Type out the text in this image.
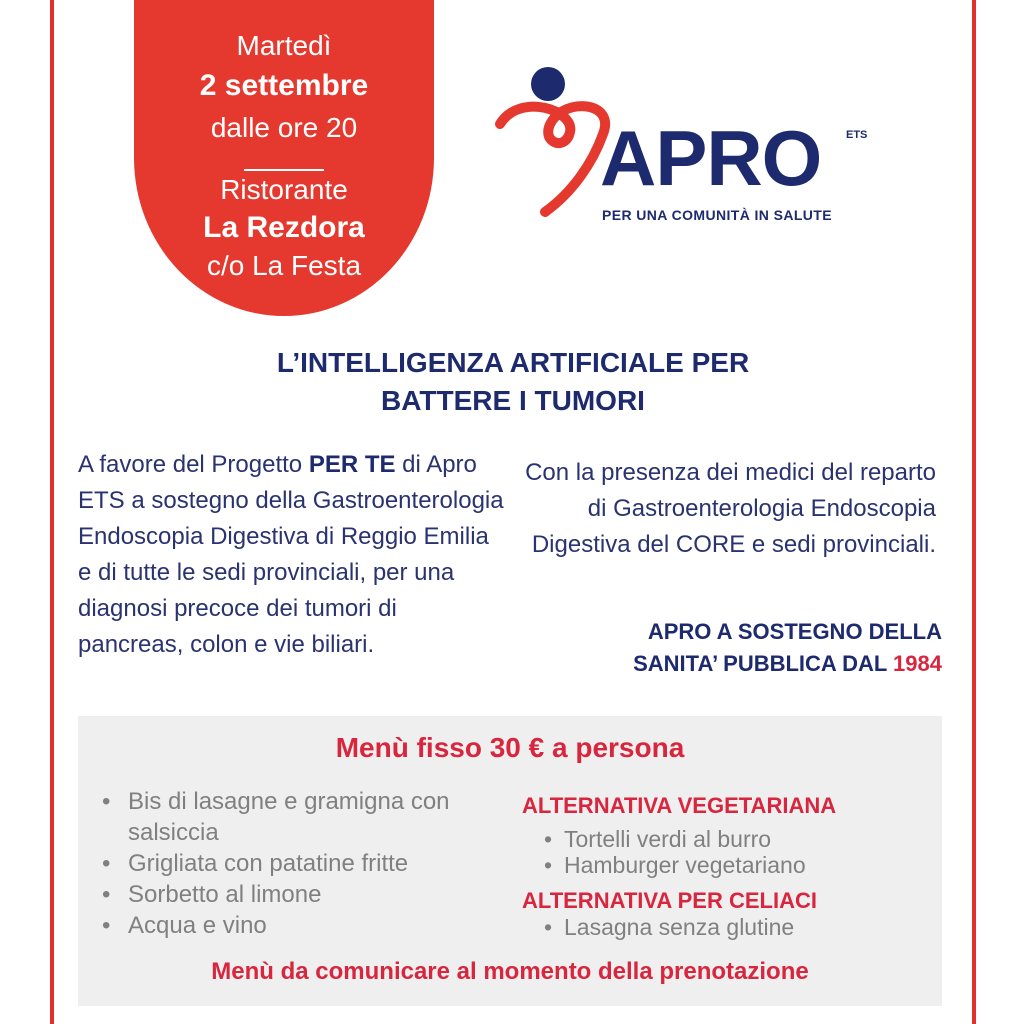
Martedì
2 settembre
dalle ore 20
Ristorante
La Rezdora
c/o La Festa
APRO ETS
PER UNA COMUNITÀ IN SALUTE
L’INTELLIGENZA ARTIFICIALE PER
BATTERE I TUMORI
A favore del Progetto PER TE di Apro ETS a sostegno della Gastroenterologia Endoscopia Digestiva di Reggio Emilia e di tutte le sedi provinciali, per una diagnosi precoce dei tumori di pancreas, colon e vie biliari.
Con la presenza dei medici del reparto di Gastroenterologia Endoscopia Digestiva del CORE e sedi provinciali.
APRO A SOSTEGNO DELLA
SANITA’ PUBBLICA DAL 1984
Menù fisso 30 € a persona
• Bis di lasagne e gramigna con salsiccia
• Grigliata con patatine fritte
• Sorbetto al limone
• Acqua e vino
ALTERNATIVA VEGETARIANA
• Tortelli verdi al burro
• Hamburger vegetariano
ALTERNATIVA PER CELIACI
• Lasagna senza glutine
Menù da comunicare al momento della prenotazione
